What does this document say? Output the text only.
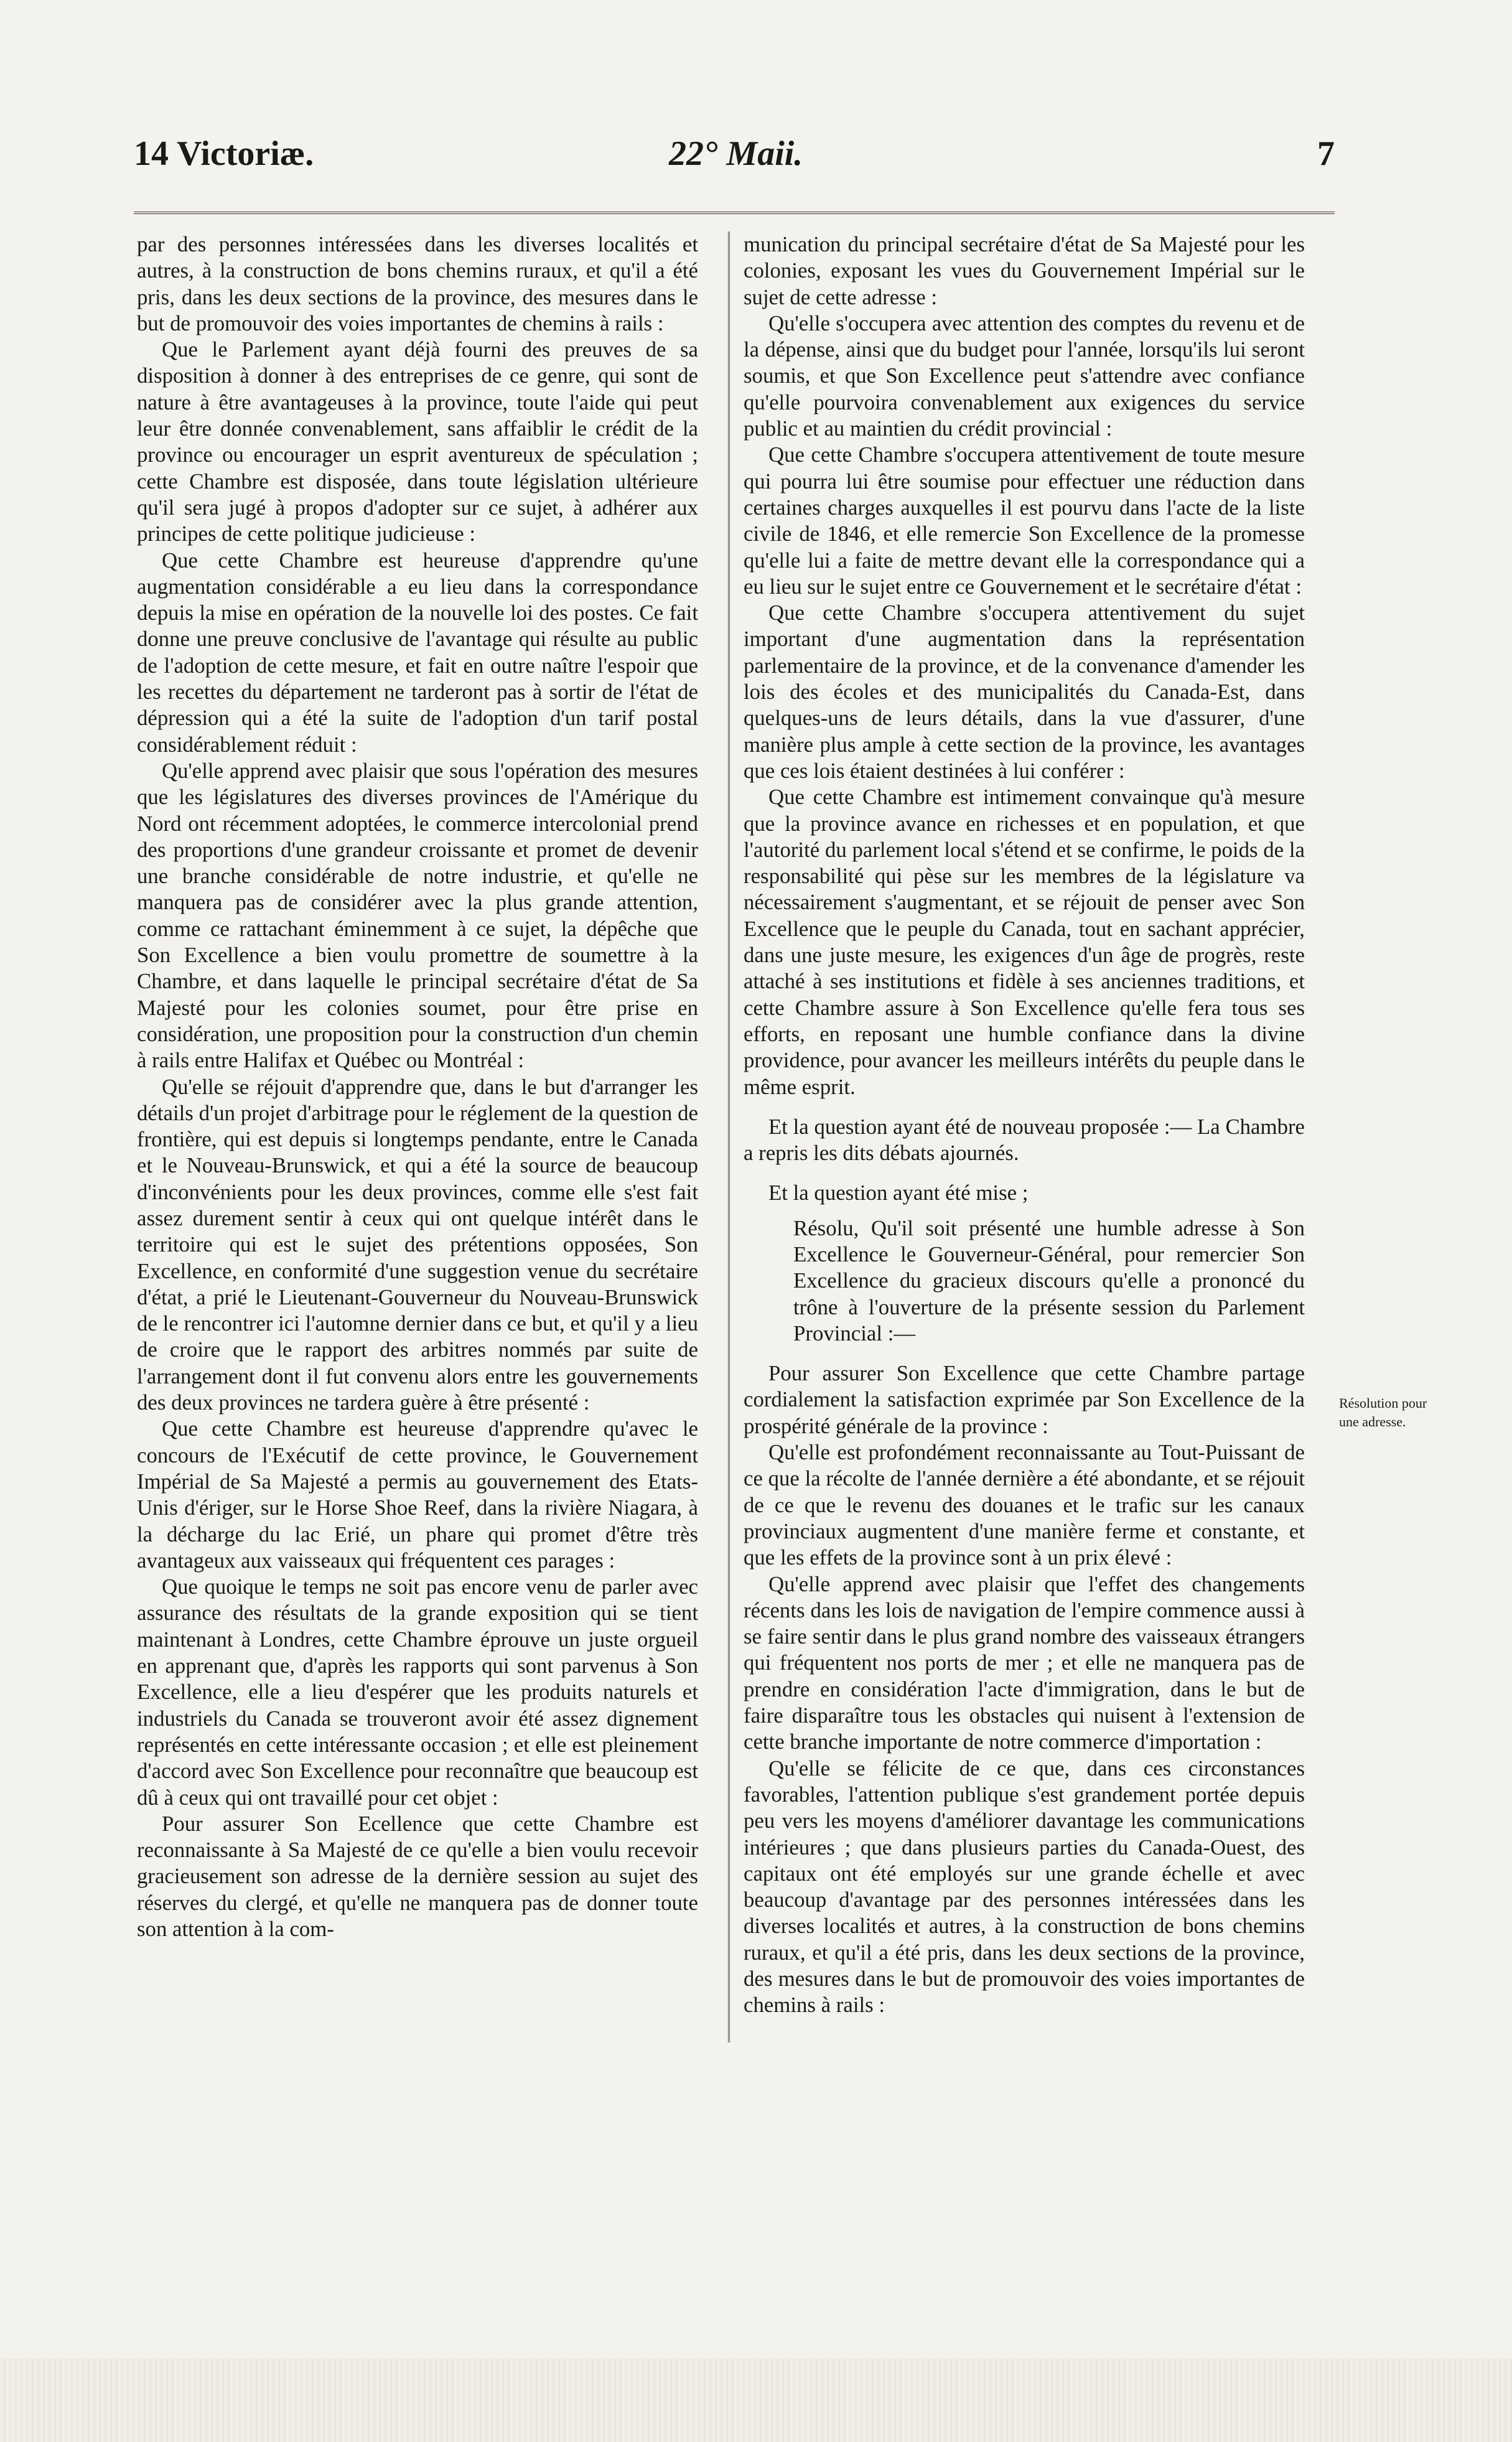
14 Victoriæ.	22° Maii.	7

par des personnes intéressées dans les diverses localités et autres, à la construction de bons chemins ruraux, et qu'il a été pris, dans les deux sections de la province, des mesures dans le but de promouvoir des voies importantes de chemins à rails :

Que le Parlement ayant déjà fourni des preuves de sa disposition à donner à des entreprises de ce genre, qui sont de nature à être avantageuses à la province, toute l'aide qui peut leur être donnée convenablement, sans affaiblir le crédit de la province ou encourager un esprit aventureux de spéculation ; cette Chambre est disposée, dans toute législation ultérieure qu'il sera jugé à propos d'adopter sur ce sujet, à adhérer aux principes de cette politique judicieuse :

Que cette Chambre est heureuse d'apprendre qu'une augmentation considérable a eu lieu dans la correspondance depuis la mise en opération de la nouvelle loi des postes. Ce fait donne une preuve conclusive de l'avantage qui résulte au public de l'adoption de cette mesure, et fait en outre naître l'espoir que les recettes du département ne tarderont pas à sortir de l'état de dépression qui a été la suite de l'adoption d'un tarif postal considérablement réduit :

Qu'elle apprend avec plaisir que sous l'opération des mesures que les législatures des diverses provinces de l'Amérique du Nord ont récemment adoptées, le commerce intercolonial prend des proportions d'une grandeur croissante et promet de devenir une branche considérable de notre industrie, et qu'elle ne manquera pas de considérer avec la plus grande attention, comme ce rattachant éminemment à ce sujet, la dépêche que Son Excellence a bien voulu promettre de soumettre à la Chambre, et dans laquelle le principal secrétaire d'état de Sa Majesté pour les colonies soumet, pour être prise en considération, une proposition pour la construction d'un chemin à rails entre Halifax et Québec ou Montréal :

Qu'elle se réjouit d'apprendre que, dans le but d'arranger les détails d'un projet d'arbitrage pour le réglement de la question de frontière, qui est depuis si longtemps pendante, entre le Canada et le Nouveau-Brunswick, et qui a été la source de beaucoup d'inconvénients pour les deux provinces, comme elle s'est fait assez durement sentir à ceux qui ont quelque intérêt dans le territoire qui est le sujet des prétentions opposées, Son Excellence, en conformité d'une suggestion venue du secrétaire d'état, a prié le Lieutenant-Gouverneur du Nouveau-Brunswick de le rencontrer ici l'automne dernier dans ce but, et qu'il y a lieu de croire que le rapport des arbitres nommés par suite de l'arrangement dont il fut convenu alors entre les gouvernements des deux provinces ne tardera guère à être présenté :

Que cette Chambre est heureuse d'apprendre qu'avec le concours de l'Exécutif de cette province, le Gouvernement Impérial de Sa Majesté a permis au gouvernement des Etats-Unis d'ériger, sur le Horse Shoe Reef, dans la rivière Niagara, à la décharge du lac Erié, un phare qui promet d'être très avantageux aux vaisseaux qui fréquentent ces parages :

Que quoique le temps ne soit pas encore venu de parler avec assurance des résultats de la grande exposition qui se tient maintenant à Londres, cette Chambre éprouve un juste orgueil en apprenant que, d'après les rapports qui sont parvenus à Son Excellence, elle a lieu d'espérer que les produits naturels et industriels du Canada se trouveront avoir été assez dignement représentés en cette intéressante occasion ; et elle est pleinement d'accord avec Son Excellence pour reconnaître que beaucoup est dû à ceux qui ont travaillé pour cet objet :

Pour assurer Son Ecellence que cette Chambre est reconnaissante à Sa Majesté de ce qu'elle a bien voulu recevoir gracieusement son adresse de la dernière session au sujet des réserves du clergé, et qu'elle ne manquera pas de donner toute son attention à la com-

munication du principal secrétaire d'état de Sa Majesté pour les colonies, exposant les vues du Gouvernement Impérial sur le sujet de cette adresse :

Qu'elle s'occupera avec attention des comptes du revenu et de la dépense, ainsi que du budget pour l'année, lorsqu'ils lui seront soumis, et que Son Excellence peut s'attendre avec confiance qu'elle pourvoira convenablement aux exigences du service public et au maintien du crédit provincial :

Que cette Chambre s'occupera attentivement de toute mesure qui pourra lui être soumise pour effectuer une réduction dans certaines charges auxquelles il est pourvu dans l'acte de la liste civile de 1846, et elle remercie Son Excellence de la promesse qu'elle lui a faite de mettre devant elle la correspondance qui a eu lieu sur le sujet entre ce Gouvernement et le secrétaire d'état :

Que cette Chambre s'occupera attentivement du sujet important d'une augmentation dans la représentation parlementaire de la province, et de la convenance d'amender les lois des écoles et des municipalités du Canada-Est, dans quelques-uns de leurs détails, dans la vue d'assurer, d'une manière plus ample à cette section de la province, les avantages que ces lois étaient destinées à lui conférer :

Que cette Chambre est intimement convainque qu'à mesure que la province avance en richesses et en population, et que l'autorité du parlement local s'étend et se confirme, le poids de la responsabilité qui pèse sur les membres de la législature va nécessairement s'augmentant, et se réjouit de penser avec Son Excellence que le peuple du Canada, tout en sachant apprécier, dans une juste mesure, les exigences d'un âge de progrès, reste attaché à ses institutions et fidèle à ses anciennes traditions, et cette Chambre assure à Son Excellence qu'elle fera tous ses efforts, en reposant une humble confiance dans la divine providence, pour avancer les meilleurs intérêts du peuple dans le même esprit.

Et la question ayant été de nouveau proposée :— La Chambre a repris les dits débats ajournés.

Et la question ayant été mise ;

Résolu, Qu'il soit présenté une humble adresse à Son Excellence le Gouverneur-Général, pour remercier Son Excellence du gracieux discours qu'elle a prononcé du trône à l'ouverture de la présente session du Parlement Provincial :—

Pour assurer Son Excellence que cette Chambre partage cordialement la satisfaction exprimée par Son Excellence de la prospérité générale de la province :

Qu'elle est profondément reconnaissante au Tout-Puissant de ce que la récolte de l'année dernière a été abondante, et se réjouit de ce que le revenu des douanes et le trafic sur les canaux provinciaux augmentent d'une manière ferme et constante, et que les effets de la province sont à un prix élevé :

Qu'elle apprend avec plaisir que l'effet des changements récents dans les lois de navigation de l'empire commence aussi à se faire sentir dans le plus grand nombre des vaisseaux étrangers qui fréquentent nos ports de mer ; et elle ne manquera pas de prendre en considération l'acte d'immigration, dans le but de faire disparaître tous les obstacles qui nuisent à l'extension de cette branche importante de notre commerce d'importation :

Qu'elle se félicite de ce que, dans ces circonstances favorables, l'attention publique s'est grandement portée depuis peu vers les moyens d'améliorer davantage les communications intérieures ; que dans plusieurs parties du Canada-Ouest, des capitaux ont été employés sur une grande échelle et avec beaucoup d'avantage par des personnes intéressées dans les diverses localités et autres, à la construction de bons chemins ruraux, et qu'il a été pris, dans les deux sections de la province, des mesures dans le but de promouvoir des voies importantes de chemins à rails :

Résolution pour une adresse.
